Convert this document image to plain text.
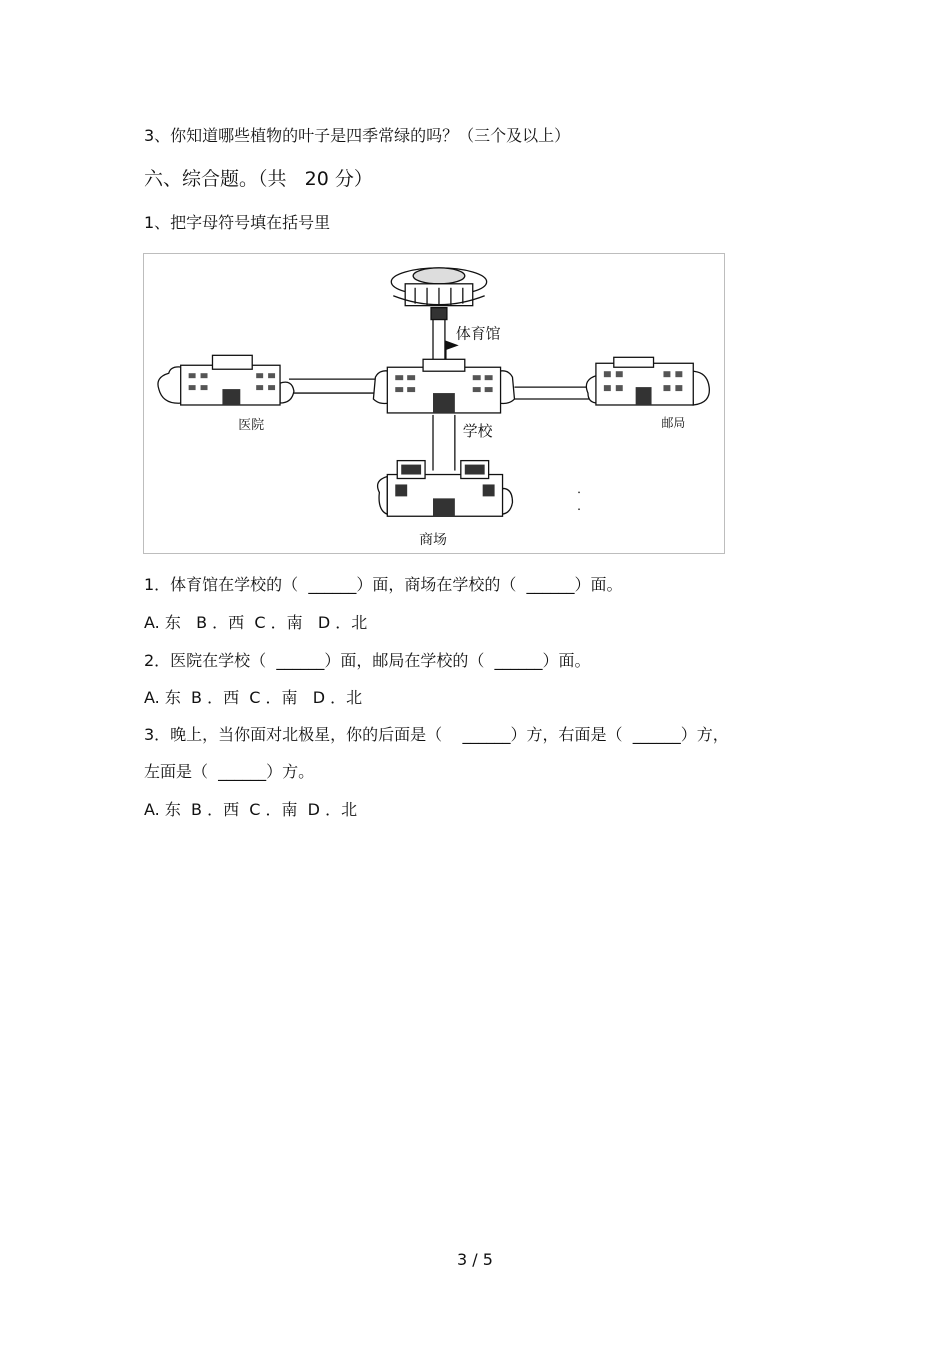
3、你知道哪些植物的叶子是四季常绿的吗？（三个及以上）
六、综合题。（共   20 分）
1、把字母符号填在括号里
体育馆
学校
医院	邮局
商场
1．体育馆在学校的（  ______）面，商场在学校的（  ______）面。
A. 东   B ．西  C ．南   D ．北
2．医院在学校（  ______）面，邮局在学校的（  ______）面。
A. 东  B ．西  C ．南   D ．北
3．晚上，当你面对北极星，你的后面是（    ______）方，右面是（  ______）方，
左面是（  ______）方。
A. 东  B ．西  C ．南  D ．北
3 / 5
